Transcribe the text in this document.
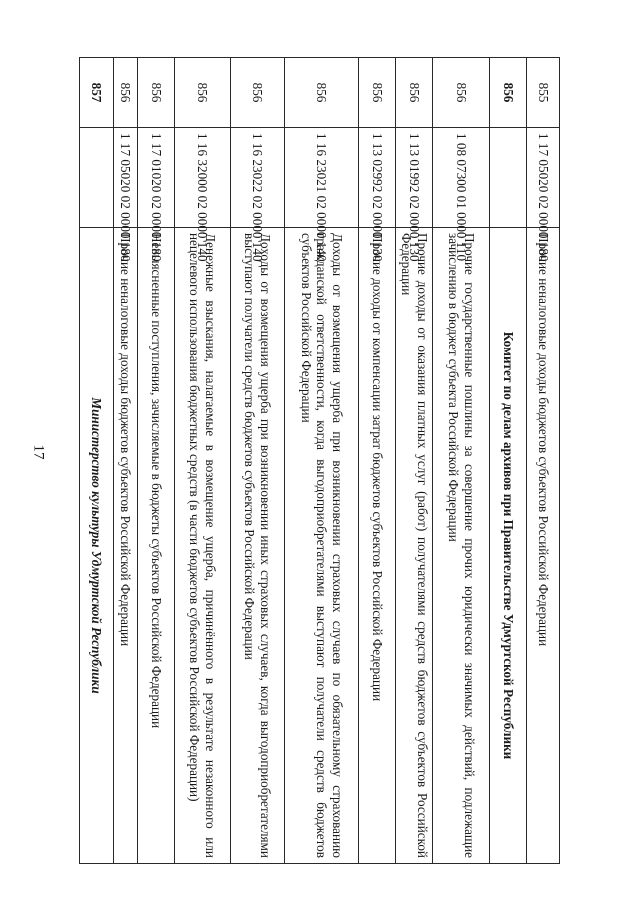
17
855	1 17 05020 02 0000 180	Прочие неналоговые доходы бюджетов субъектов Российской Федерации
856		Комитет по делам архивов при Правительстве Удмуртской Республики
856	1 08 07300 01 0000 110	Прочие государственные пошлины за совершение прочих юридически значимых действий, подлежащие зачислению в бюджет субъекта Российской Федерации
856	1 13 01992 02 0000 130	Прочие доходы от оказания платных услуг (работ) получателями средств бюджетов субъектов Российской Федерации
856	1 13 02992 02 0000 130	Прочие доходы от компенсации затрат бюджетов субъектов Российской Федерации
856	1 16 23021 02 0000 140	Доходы от возмещения ущерба при возникновении страховых случаев по обязательному страхованию гражданской ответственности, когда выгодоприобретателями выступают получатели средств бюджетов субъектов Российской Федерации
856	1 16 23022 02 0000 140	Доходы от возмещения ущерба при возникновении иных страховых случаев, когда выгодоприобретателями выступают получатели средств бюджетов субъектов Российской Федерации
856	1 16 32000 02 0000 140	Денежные взыскания, налагаемые в возмещение ущерба, причинённого в результате незаконного или нецелевого использования бюджетных средств (в части бюджетов субъектов Российской Федерации)
856	1 17 01020 02 0000 180	Невыясненные поступления, зачисляемые в бюджеты субъектов Российской Федерации
856	1 17 05020 02 0000 180	Прочие неналоговые доходы бюджетов субъектов Российской Федерации
857		Министерство культуры Удмуртской Республики
